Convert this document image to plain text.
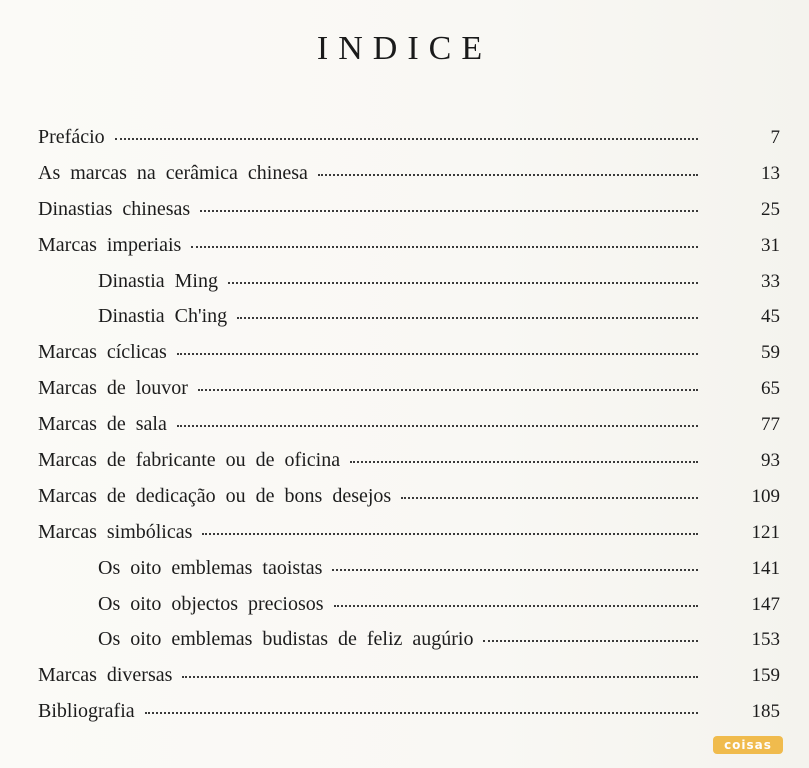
INDICE
Prefácio	7
As marcas na cerâmica chinesa	13
Dinastias chinesas	25
Marcas imperiais	31
Dinastia Ming	33
Dinastia Ch'ing	45
Marcas cíclicas	59
Marcas de louvor	65
Marcas de sala	77
Marcas de fabricante ou de oficina	93
Marcas de dedicação ou de bons desejos	109
Marcas simbólicas	121
Os oito emblemas taoistas	141
Os oito objectos preciosos	147
Os oito emblemas budistas de feliz augúrio	153
Marcas diversas	159
Bibliografia	185
coisas
